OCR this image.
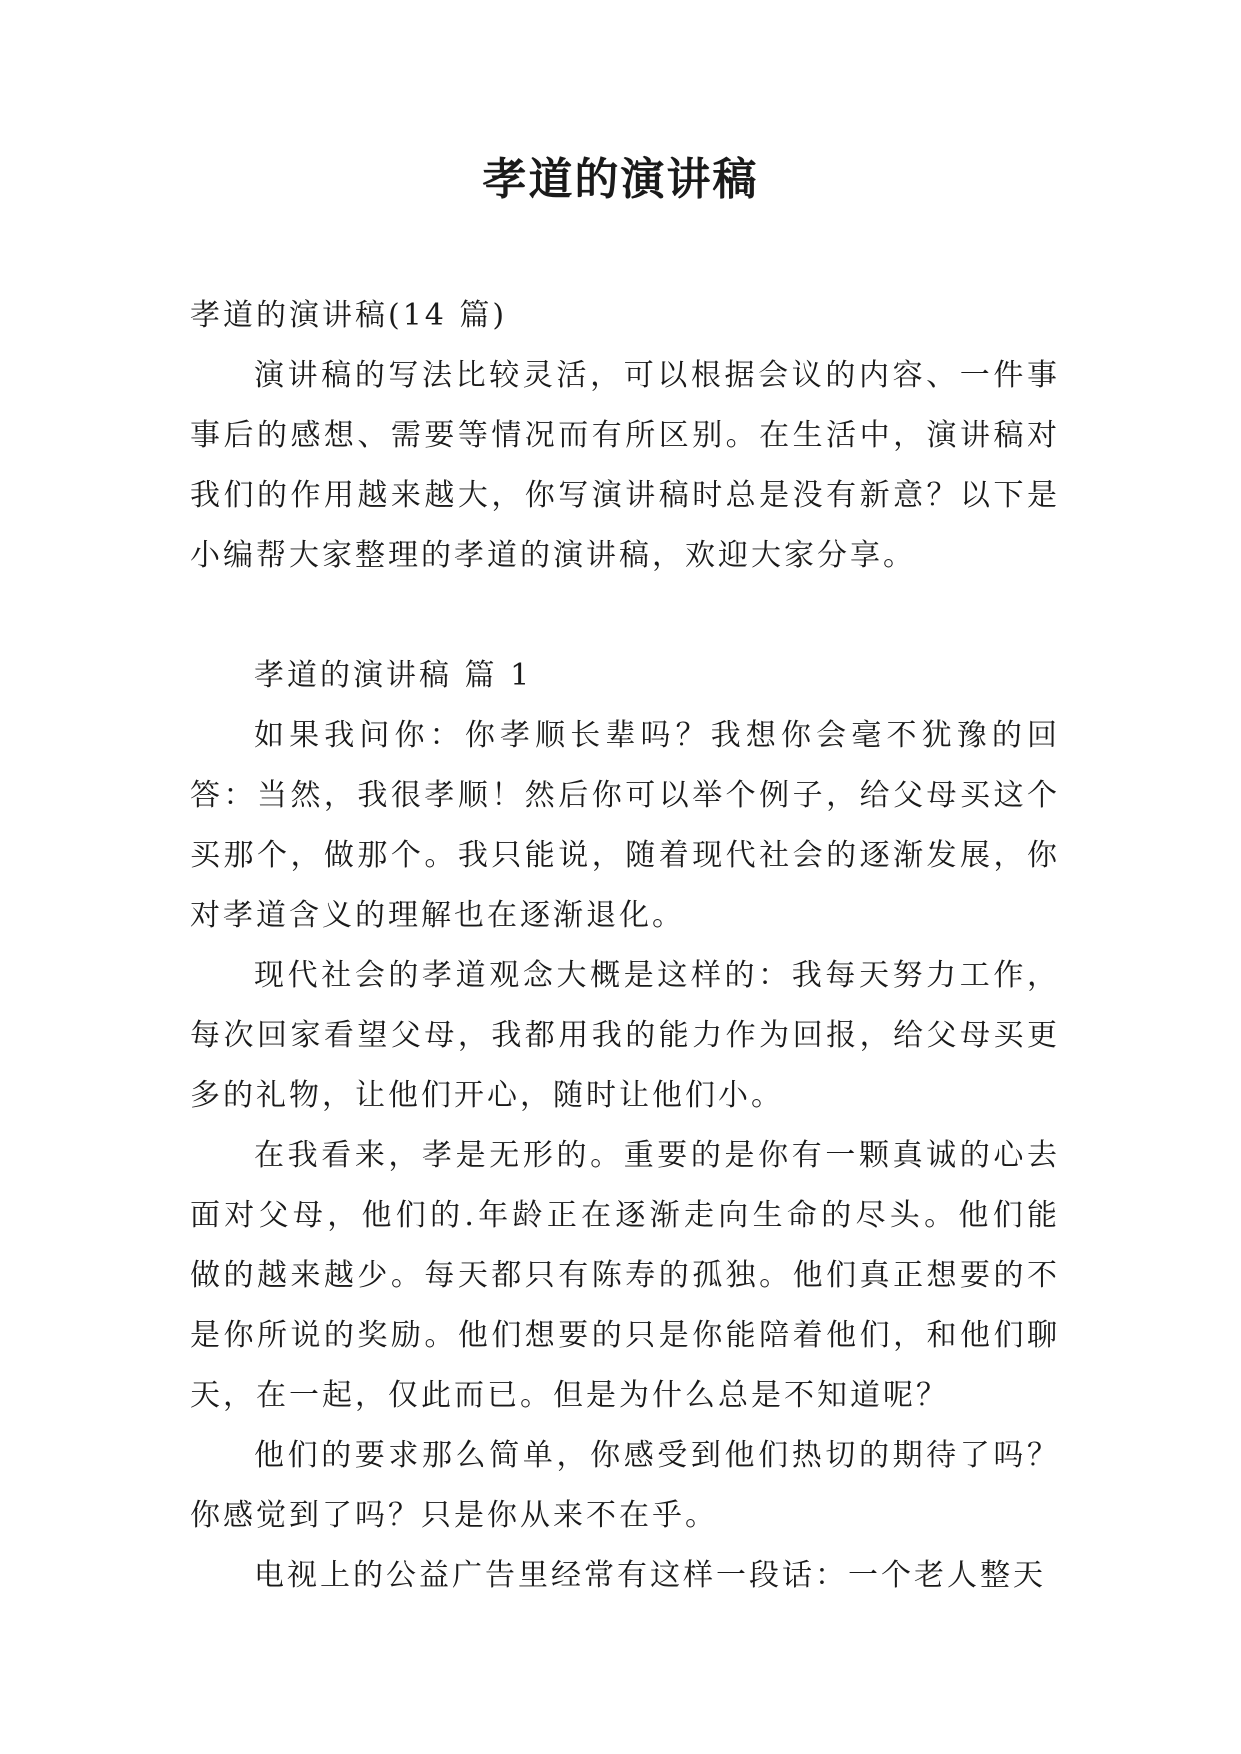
孝道的演讲稿

孝道的演讲稿(14 篇)

演讲稿的写法比较灵活，可以根据会议的内容、一件事事后的感想、需要等情况而有所区别。在生活中，演讲稿对我们的作用越来越大，你写演讲稿时总是没有新意？以下是小编帮大家整理的孝道的演讲稿，欢迎大家分享。

孝道的演讲稿 篇 1

如果我问你：你孝顺长辈吗？我想你会毫不犹豫的回答：当然，我很孝顺！然后你可以举个例子，给父母买这个买那个，做那个。我只能说，随着现代社会的逐渐发展，你对孝道含义的理解也在逐渐退化。

现代社会的孝道观念大概是这样的：我每天努力工作，每次回家看望父母，我都用我的能力作为回报，给父母买更多的礼物，让他们开心，随时让他们小。

在我看来，孝是无形的。重要的是你有一颗真诚的心去面对父母，他们的.年龄正在逐渐走向生命的尽头。他们能做的越来越少。每天都只有陈寿的孤独。他们真正想要的不是你所说的奖励。他们想要的只是你能陪着他们，和他们聊天，在一起，仅此而已。但是为什么总是不知道呢？

他们的要求那么简单，你感受到他们热切的期待了吗？你感觉到了吗？只是你从来不在乎。

电视上的公益广告里经常有这样一段话：一个老人整天
